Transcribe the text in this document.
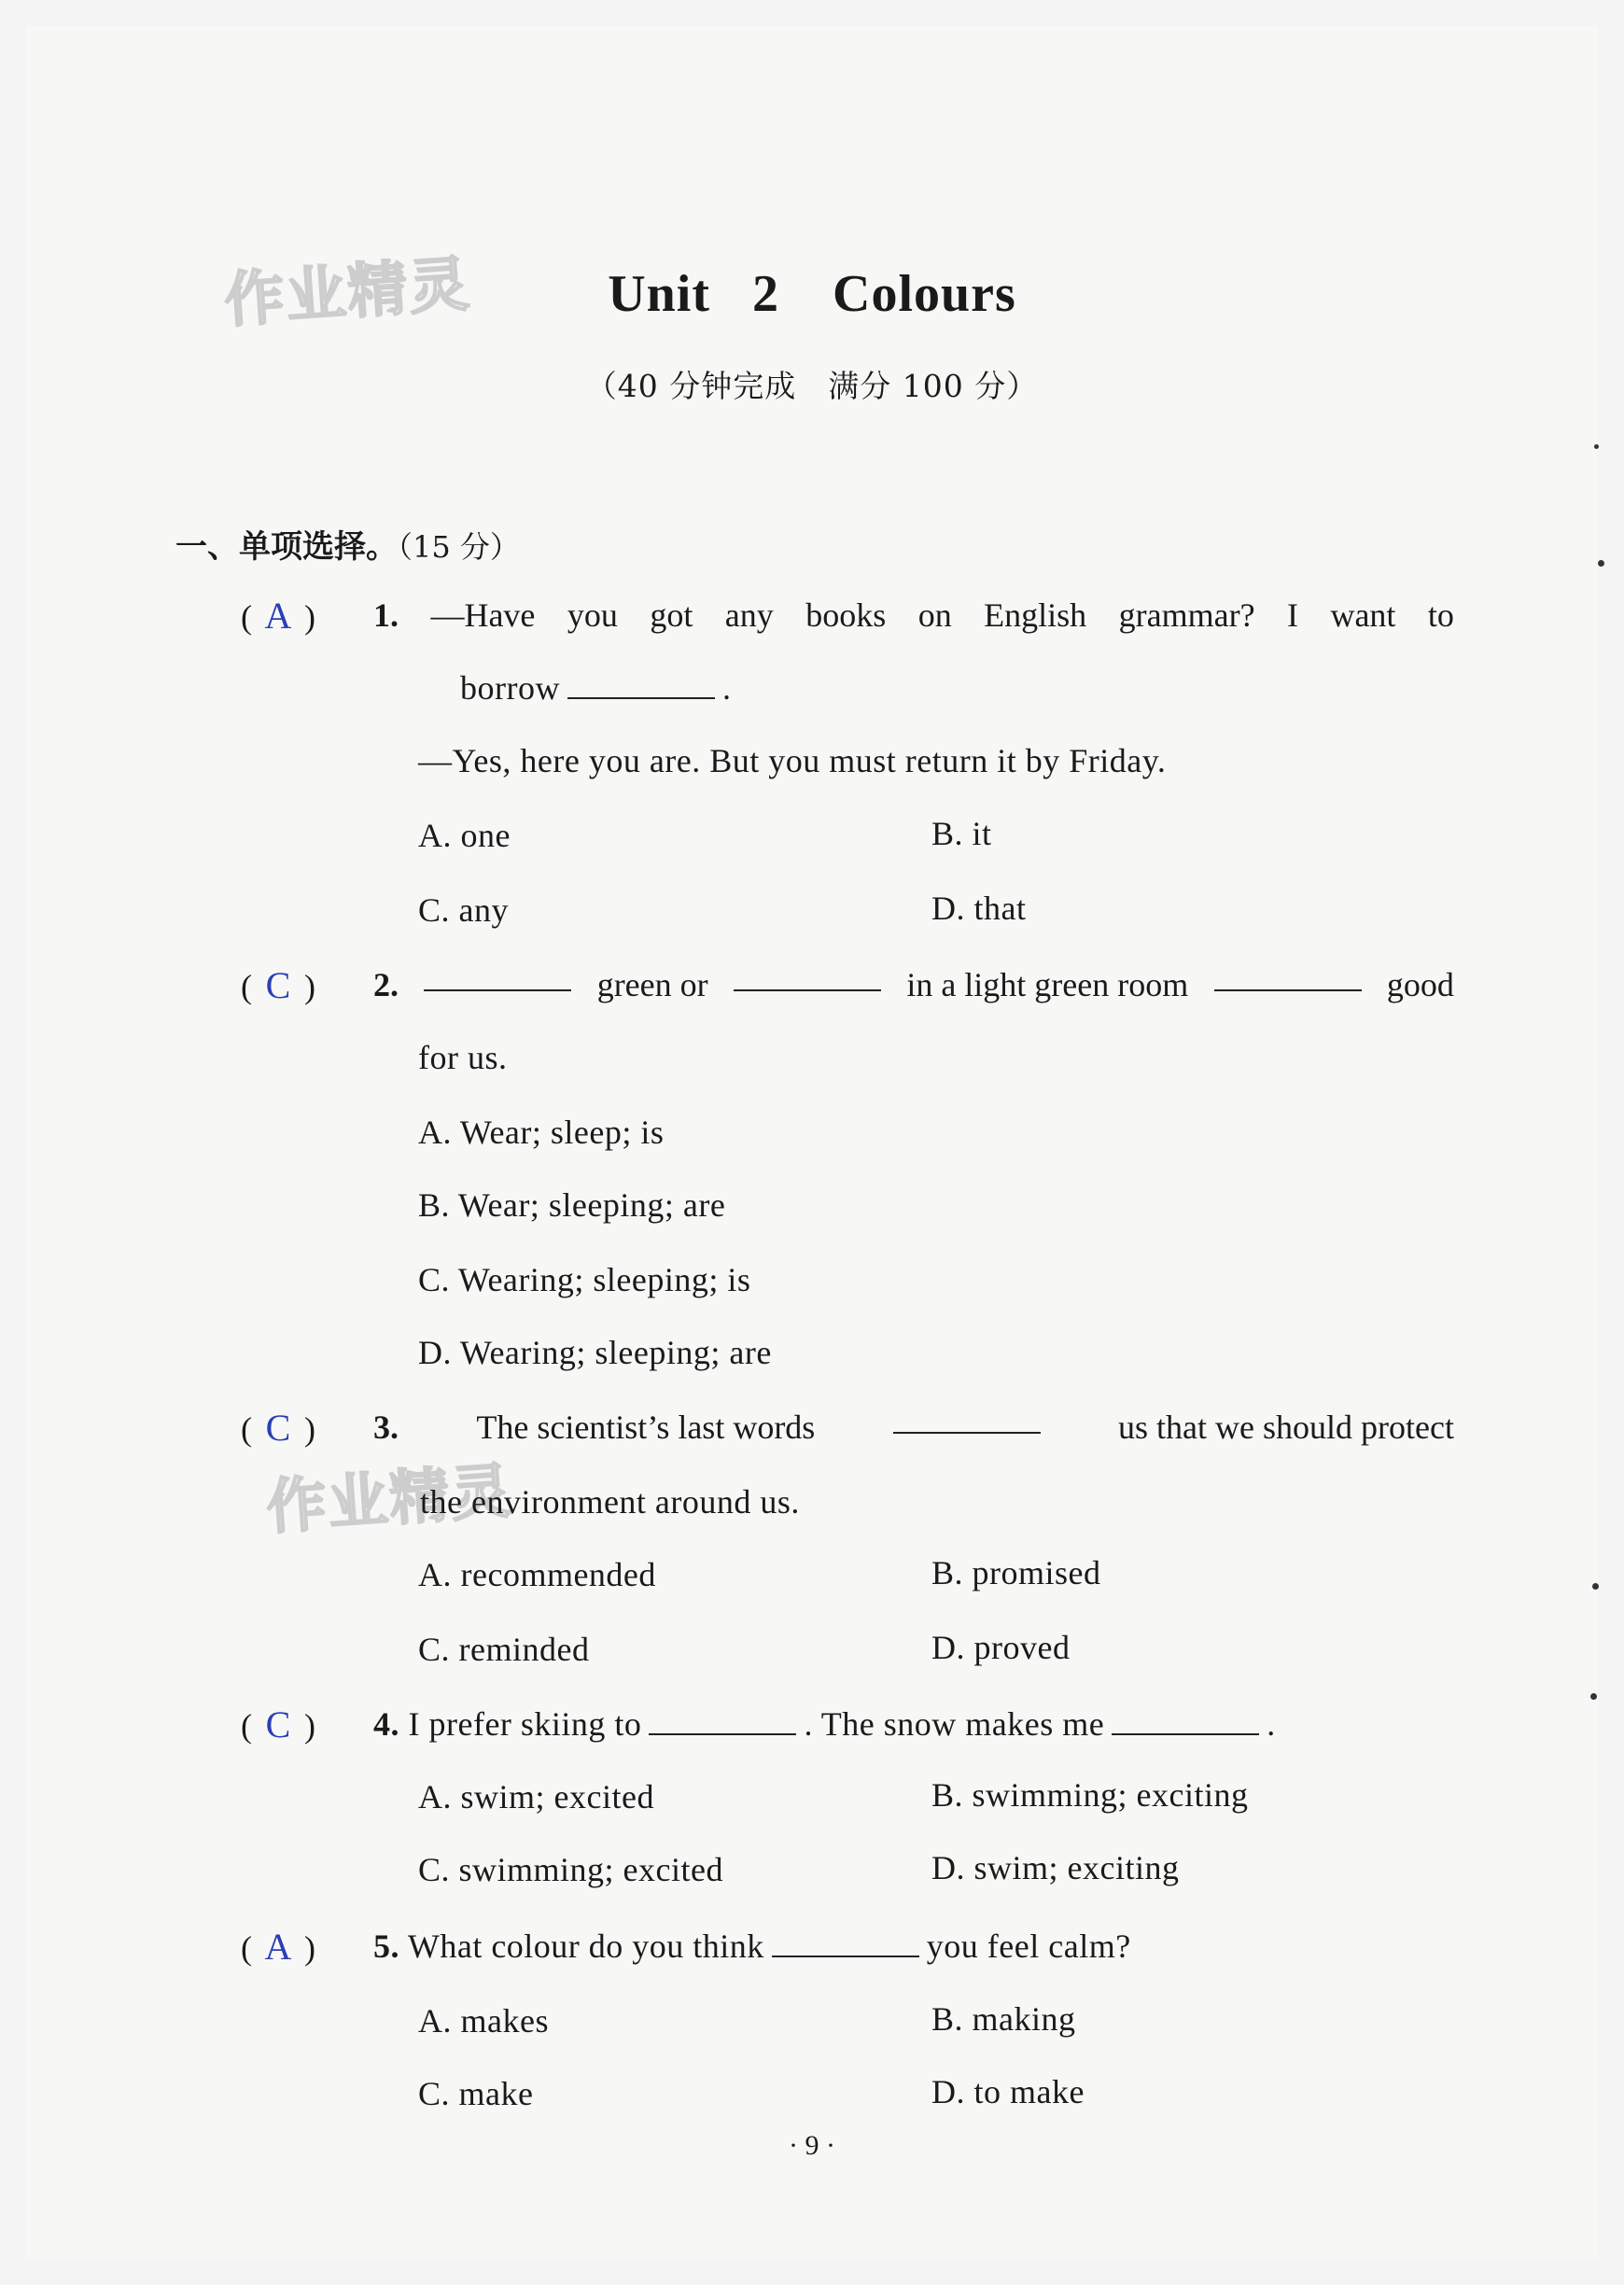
作业精灵
作业精灵
Unit 2　Colours
（40 分钟完成　满分 100 分）
一、单项选择。（15 分）
( A ) 1. —Have you got any books on English grammar? I want to
borrow	.
—Yes, here you are. But you must return it by Friday.
A. one	B. it
C. any	D. that
( C ) 2.	green or	in a light green room	good
for us.
A. Wear; sleep; is
B. Wear; sleeping; are
C. Wearing; sleeping; is
D. Wearing; sleeping; are
( C ) 3. The scientist’s last words	us that we should protect
the environment around us.
A. recommended	B. promised
C. reminded	D. proved
( C ) 4. I prefer skiing to	. The snow makes me	.
A. swim; excited	B. swimming; exciting
C. swimming; excited	D. swim; exciting
( A ) 5. What colour do you think	you feel calm?
A. makes	B. making
C. make	D. to make
· 9 ·
